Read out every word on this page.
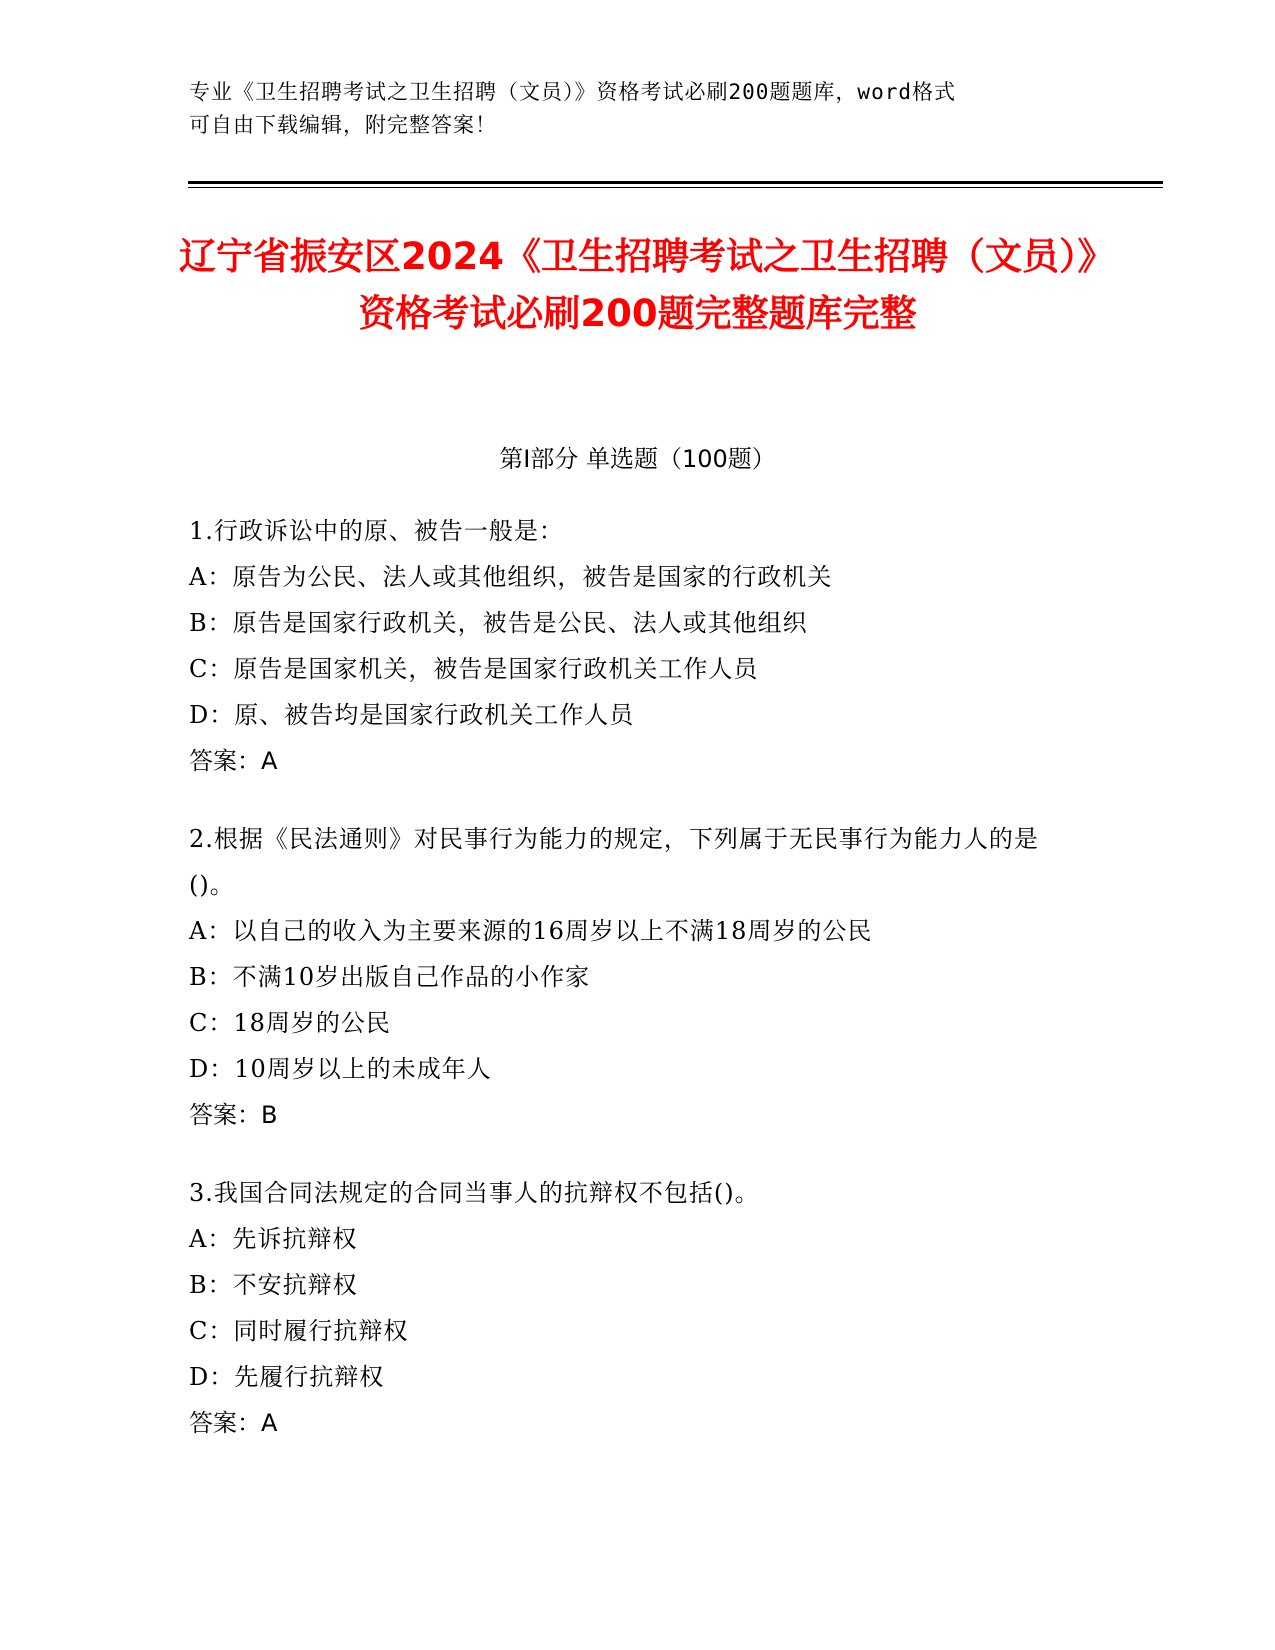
专业《卫生招聘考试之卫生招聘（文员）》资格考试必刷200题题库，word格式
可自由下载编辑，附完整答案！
辽宁省振安区2024《卫生招聘考试之卫生招聘（文员）》资格考试必刷200题完整题库完整
第I部分 单选题（100题）
1.行政诉讼中的原、被告一般是：
A：原告为公民、法人或其他组织，被告是国家的行政机关
B：原告是国家行政机关，被告是公民、法人或其他组织
C：原告是国家机关，被告是国家行政机关工作人员
D：原、被告均是国家行政机关工作人员
答案：A
2.根据《民法通则》对民事行为能力的规定，下列属于无民事行为能力人的是()。
A：以自己的收入为主要来源的16周岁以上不满18周岁的公民
B：不满10岁出版自己作品的小作家
C：18周岁的公民
D：10周岁以上的未成年人
答案：B
3.我国合同法规定的合同当事人的抗辩权不包括()。
A：先诉抗辩权
B：不安抗辩权
C：同时履行抗辩权
D：先履行抗辩权
答案：A
